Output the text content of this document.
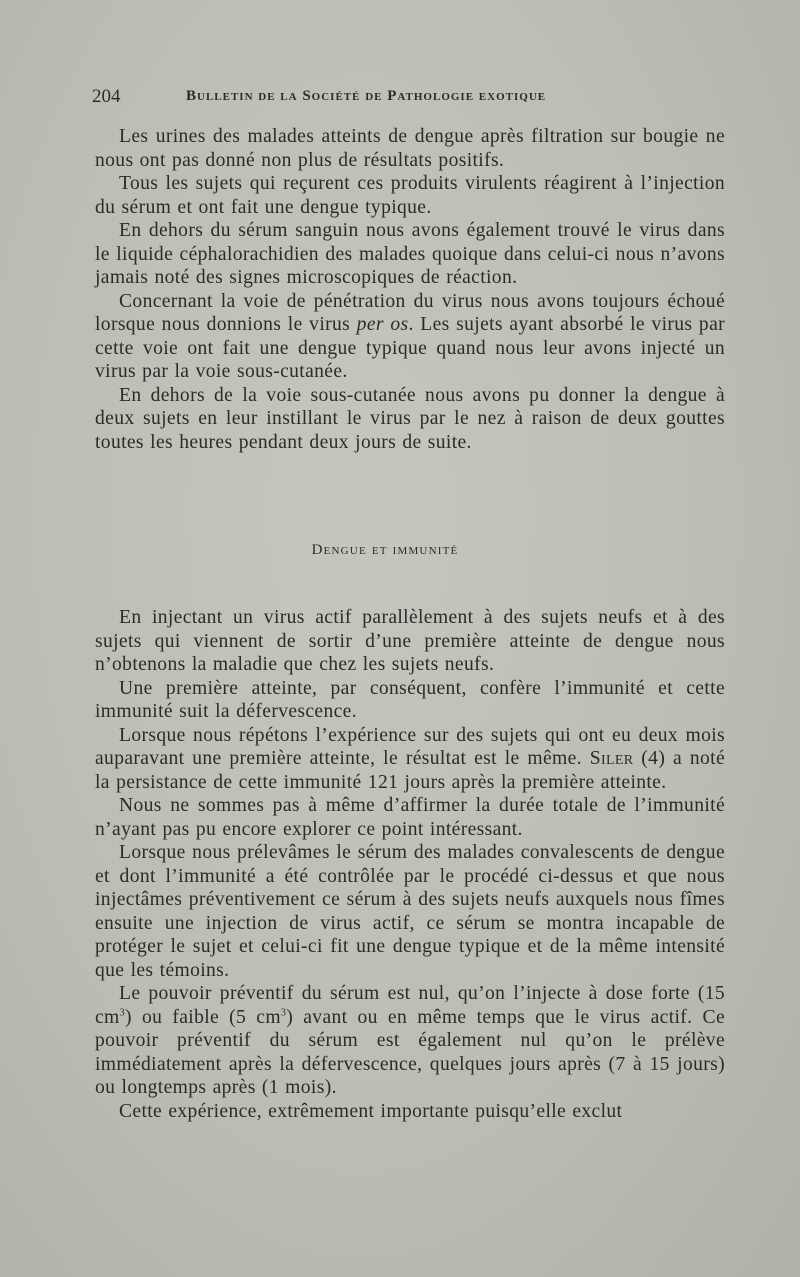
204	Bulletin de la Société de Pathologie exotique

Les urines des malades atteints de dengue après filtration sur bougie ne nous ont pas donné non plus de résultats positifs.

Tous les sujets qui reçurent ces produits virulents réagirent à l’injection du sérum et ont fait une dengue typique.

En dehors du sérum sanguin nous avons également trouvé le virus dans le liquide céphalorachidien des malades quoique dans celui-ci nous n’avons jamais noté des signes microscopiques de réaction.

Concernant la voie de pénétration du virus nous avons toujours échoué lorsque nous donnions le virus per os. Les sujets ayant absorbé le virus par cette voie ont fait une dengue typique quand nous leur avons injecté un virus par la voie sous-cutanée.

En dehors de la voie sous-cutanée nous avons pu donner la dengue à deux sujets en leur instillant le virus par le nez à raison de deux gouttes toutes les heures pendant deux jours de suite.

Dengue et immunité

En injectant un virus actif parallèlement à des sujets neufs et à des sujets qui viennent de sortir d’une première atteinte de dengue nous n’obtenons la maladie que chez les sujets neufs.

Une première atteinte, par conséquent, confère l’immunité et cette immunité suit la défervescence.

Lorsque nous répétons l’expérience sur des sujets qui ont eu deux mois auparavant une première atteinte, le résultat est le même. Siler (4) a noté la persistance de cette immunité 121 jours après la première atteinte.

Nous ne sommes pas à même d’affirmer la durée totale de l’immunité n’ayant pas pu encore explorer ce point intéressant.

Lorsque nous prélevâmes le sérum des malades convalescents de dengue et dont l’immunité a été contrôlée par le procédé ci-dessus et que nous injectâmes préventivement ce sérum à des sujets neufs auxquels nous fîmes ensuite une injection de virus actif, ce sérum se montra incapable de protéger le sujet et celui-ci fit une dengue typique et de la même intensité que les témoins.

Le pouvoir préventif du sérum est nul, qu’on l’injecte à dose forte (15 $cm^3$) ou faible (5 $cm^3$) avant ou en même temps que le virus actif. Ce pouvoir préventif du sérum est également nul qu’on le prélève immédiatement après la défervescence, quelques jours après (7 à 15 jours) ou longtemps après (1 mois).

Cette expérience, extrêmement importante puisqu’elle exclut
